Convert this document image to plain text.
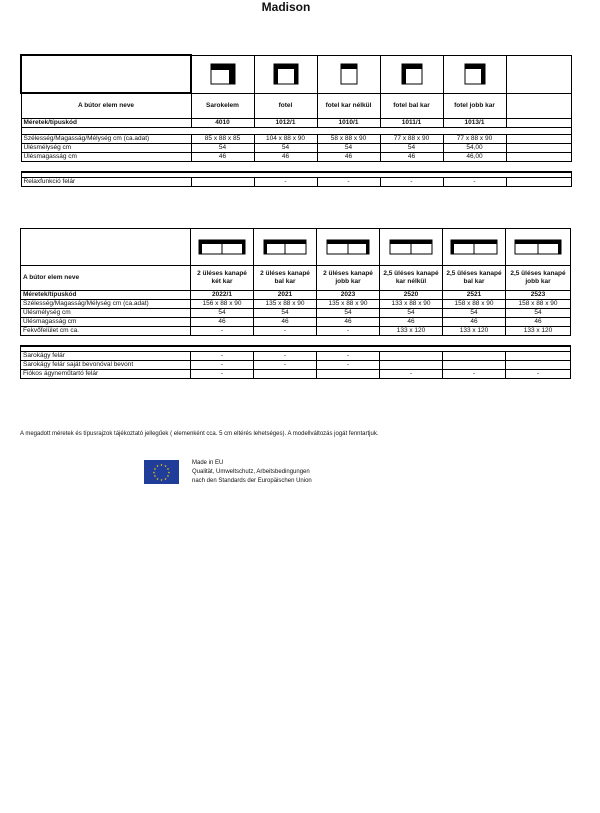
Madison

A bútor elem neve	Sarokelem	fotel	fotel kar nélkül	fotel bal kar	fotel jobb kar	
Méretek/típuskód	4010	1012/1	1010/1	1011/1	1013/1	

Szélesség/Magasság/Mélység cm (ca.adat)	85 x 88 x 85	104 x 88 x 90	58 x 88 x 90	77 x 88 x 90	77 x 88 x 90	
Ülésmélység cm	54	54	54	54	54,00	
Ülésmagasság cm	46	46	46	46	46,00	

Relaxfunkció felár		-	-	-	-	

A bútor elem neve	2 üléses kanapé két kar	2 üléses kanapé bal kar	2 üléses kanapé jobb kar	2,5 üléses kanapé kar nélkül	2,5 üléses kanapé bal kar	2,5 üléses kanapé jobb kar
Méretek/típuskód	2022/1	2021	2023	2520	2521	2523
Szélesség/Magasság/Mélység cm (ca.adat)	156 x 88 x 90	135 x 88 x 90	135 x 88 x 90	133 x 88 x 90	158 x 88 x 90	158 x 88 x 90
Ülésmélység cm	54	54	54	54	54	54
Ülésmagasság cm	46	46	46	46	46	46
Fekvőfelület cm ca.	-	-	-	133 x 120	133 x 120	133 x 120

Sarokágy felár	-	-	-			
Sarokágy felár saját bevonóval bevont	-	-	-			
Fiókos ágyneműtartó felár	-			-	-	-
A megadott méretek és típusrajzok tájékoztató jellegűek ( elemenként cca. 5 cm eltérés lehetséges). A modellváltozás jogát fenntartjuk.
★ ★
★
★
★
★
★
★
★
★
★
★	Made in EU
Qualität, Umweltschutz, Arbeitsbedingungen
nach den Standards der Europäischen Union
